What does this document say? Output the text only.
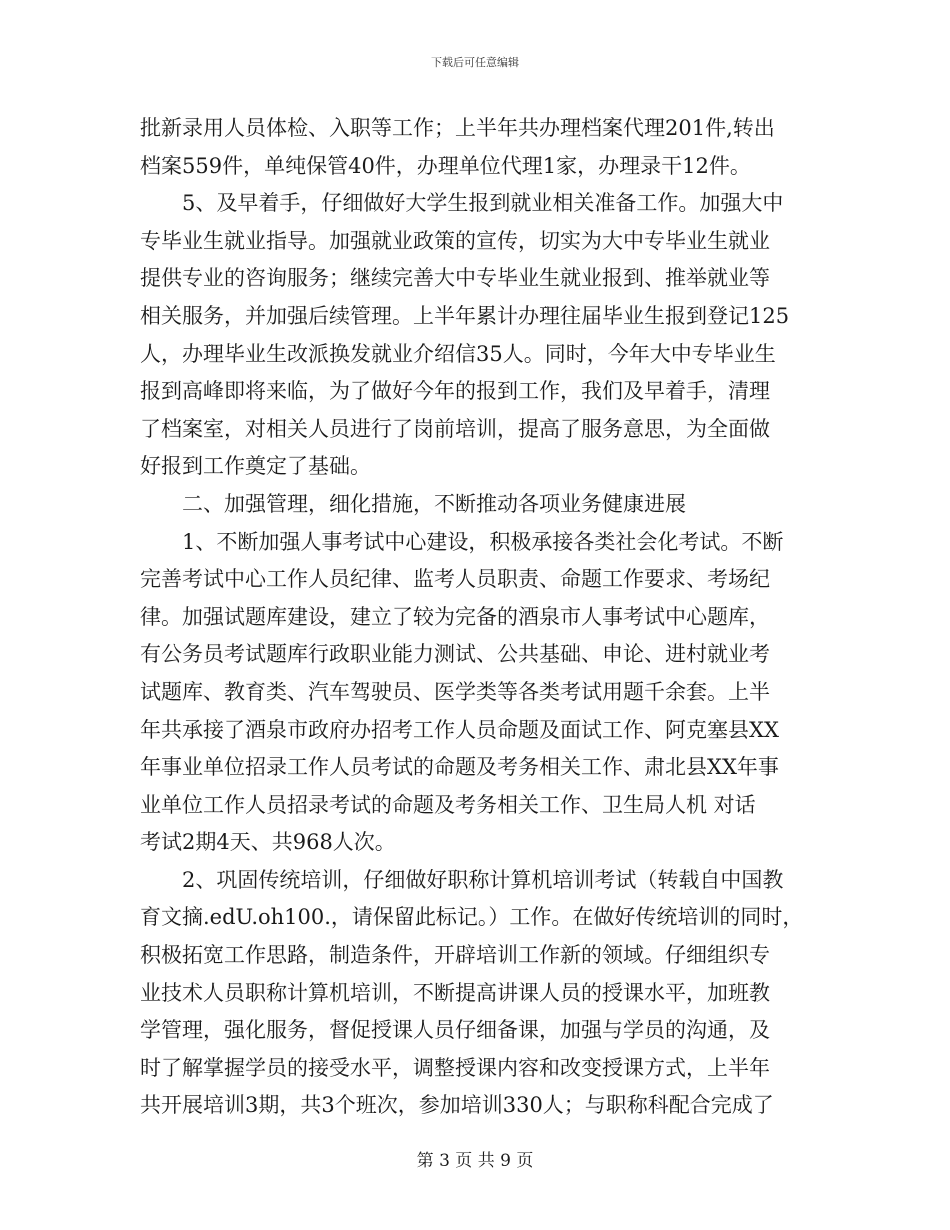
下载后可任意编辑
批新录用人员体检、入职等工作；上半年共办理档案代理201件,转出
档案559件，单纯保管40件，办理单位代理1家，办理录干12件。
5、及早着手，仔细做好大学生报到就业相关准备工作。加强大中
专毕业生就业指导。加强就业政策的宣传，切实为大中专毕业生就业
提供专业的咨询服务；继续完善大中专毕业生就业报到、推举就业等
相关服务，并加强后续管理。上半年累计办理往届毕业生报到登记125
人，办理毕业生改派换发就业介绍信35人。同时，今年大中专毕业生
报到高峰即将来临，为了做好今年的报到工作，我们及早着手，清理
了档案室，对相关人员进行了岗前培训，提高了服务意思，为全面做
好报到工作奠定了基础。
二、加强管理，细化措施，不断推动各项业务健康进展
1、不断加强人事考试中心建设，积极承接各类社会化考试。不断
完善考试中心工作人员纪律、监考人员职责、命题工作要求、考场纪
律。加强试题库建设，建立了较为完备的酒泉市人事考试中心题库，
有公务员考试题库行政职业能力测试、公共基础、申论、进村就业考
试题库、教育类、汽车驾驶员、医学类等各类考试用题千余套。上半
年共承接了酒泉市政府办招考工作人员命题及面试工作、阿克塞县XX
年事业单位招录工作人员考试的命题及考务相关工作、肃北县XX年事
业单位工作人员招录考试的命题及考务相关工作、卫生局人机 对话
考试2期4天、共968人次。
2、巩固传统培训，仔细做好职称计算机培训考试（转载自中国教
育文摘.edU.oh100.，请保留此标记。）工作。在做好传统培训的同时，
积极拓宽工作思路，制造条件，开辟培训工作新的领域。仔细组织专
业技术人员职称计算机培训，不断提高讲课人员的授课水平，加班教
学管理，强化服务，督促授课人员仔细备课，加强与学员的沟通，及
时了解掌握学员的接受水平，调整授课内容和改变授课方式，上半年
共开展培训3期，共3个班次，参加培训330人；与职称科配合完成了
第 3 页 共 9 页
